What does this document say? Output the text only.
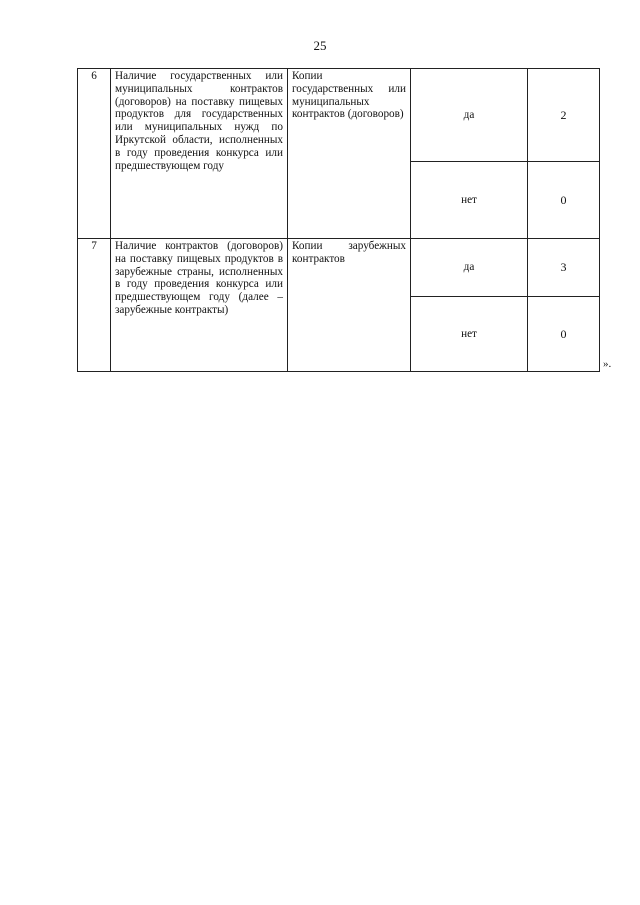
25
6	Наличие государственных или муниципальных контрактов (договоров) на поставку пищевых продуктов для государственных или муниципальных нужд по Иркутской области, исполненных в году проведения конкурса или предшествующем году	Копии государственных или муниципальных контрактов (договоров)	да	2
			нет	0
7	Наличие контрактов (договоров) на поставку пищевых продуктов в зарубежные страны, исполненных в году проведения конкурса или предшествующем году (далее – зарубежные контракты)	Копии зарубежных контрактов	да	3
			нет	0
».
